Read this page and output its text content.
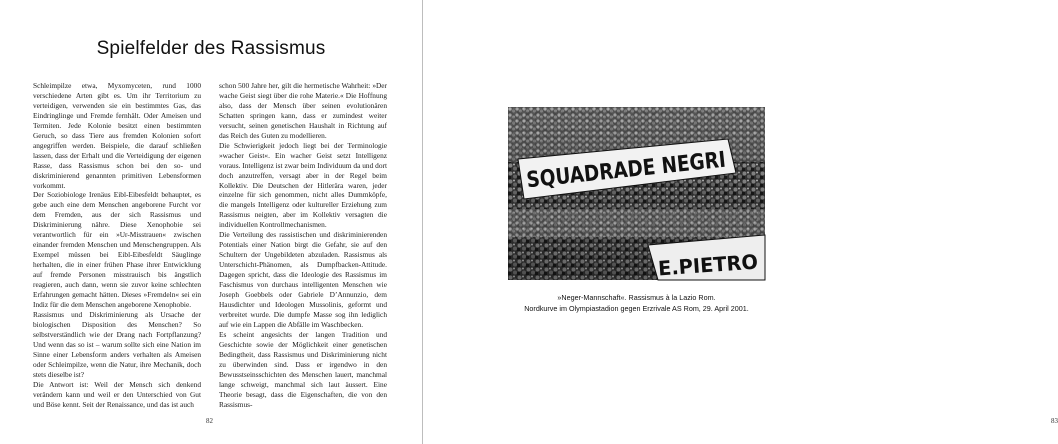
Spielfelder des Rassismus

Schleimpilze etwa, Myxomyceten, rund 1000 verschiedene Arten gibt es. Um ihr Territorium zu verteidigen, verwenden sie ein bestimmtes Gas, das Eindringlinge und Fremde fernhält. Oder Ameisen und Termiten. Jede Kolonie besitzt einen bestimmten Geruch, so dass Tiere aus fremden Kolonien sofort angegriffen werden. Beispiele, die darauf schließen lassen, dass der Erhalt und die Verteidigung der eigenen Rasse, dass Rassismus schon bei den so- und diskriminierend genannten primitiven Lebensformen vorkommt.

Der Soziobiologe Irenäus Eibl-Eibesfeldt behauptet, es gebe auch eine dem Menschen angeborene Furcht vor dem Fremden, aus der sich Rassismus und Diskriminierung nähre. Diese Xenophobie sei verantwortlich für ein »Ur-Misstrauen« zwischen einander fremden Menschen und Menschengruppen. Als Exempel müssen bei Eibl-Eibesfeldt Säuglinge herhalten, die in einer frühen Phase ihrer Entwicklung auf fremde Personen misstrauisch bis ängstlich reagieren, auch dann, wenn sie zuvor keine schlechten Erfahrungen gemacht hätten. Dieses »Fremdeln« sei ein Indiz für die dem Menschen angeborene Xenophobie.

Rassismus und Diskriminierung als Ursache der biologischen Disposition des Menschen? So selbstverständlich wie der Drang nach Fortpflanzung? Und wenn das so ist – warum sollte sich eine Nation im Sinne einer Lebensform anders verhalten als Ameisen oder Schleimpilze, wenn die Natur, ihre Mechanik, doch stets dieselbe ist?

Die Antwort ist: Weil der Mensch sich denkend verändern kann und weil er den Unterschied von Gut und Böse kennt. Seit der Renaissance, und das ist auch

schon 500 Jahre her, gilt die hermetische Wahrheit: »Der wache Geist siegt über die rohe Materie.« Die Hoffnung also, dass der Mensch über seinen evolutionären Schatten springen kann, dass er zumindest weiter versucht, seinen genetischen Haushalt in Richtung auf das Reich des Guten zu modellieren.

Die Schwierigkeit jedoch liegt bei der Terminologie »wacher Geist«. Ein wacher Geist setzt Intelligenz voraus. Intelligenz ist zwar beim Individuum da und dort doch anzutreffen, versagt aber in der Regel beim Kollektiv. Die Deutschen der Hitlerära waren, jeder einzelne für sich genommen, nicht alles Dummköpfe, die mangels Intelligenz oder kultureller Erziehung zum Rassismus neigten, aber im Kollektiv versagten die individuellen Kontrollmechanismen.

Die Verteilung des rassistischen und diskriminierenden Potentials einer Nation birgt die Gefahr, sie auf den Schultern der Ungebildeten abzuladen. Rassismus als Unterschicht-Phänomen, als Dumpfbacken-Attitude. Dagegen spricht, dass die Ideologie des Rassismus im Faschismus von durchaus intelligenten Menschen wie Joseph Goebbels oder Gabriele D’Annunzio, dem Hausdichter und Ideologen Mussolinis, geformt und verbreitet wurde. Die dumpfe Masse sog ihn lediglich auf wie ein Lappen die Abfälle im Waschbecken.

Es scheint angesichts der langen Tradition und Geschichte sowie der Möglichkeit einer genetischen Bedingtheit, dass Rassismus und Diskriminierung nicht zu überwinden sind. Dass er irgendwo in den Bewusstseinsschichten des Menschen lauert, manchmal lange schweigt, manchmal sich laut äussert. Eine Theorie besagt, dass die Eigenschaften, die von den Rassismus-

82	83
SQUADRADE NEGRI
E.PIETRO
»Neger-Mannschaft«. Rassismus à la Lazio Rom.
Nordkurve im Olympiastadion gegen Erzrivale AS Rom, 29. April 2001.
